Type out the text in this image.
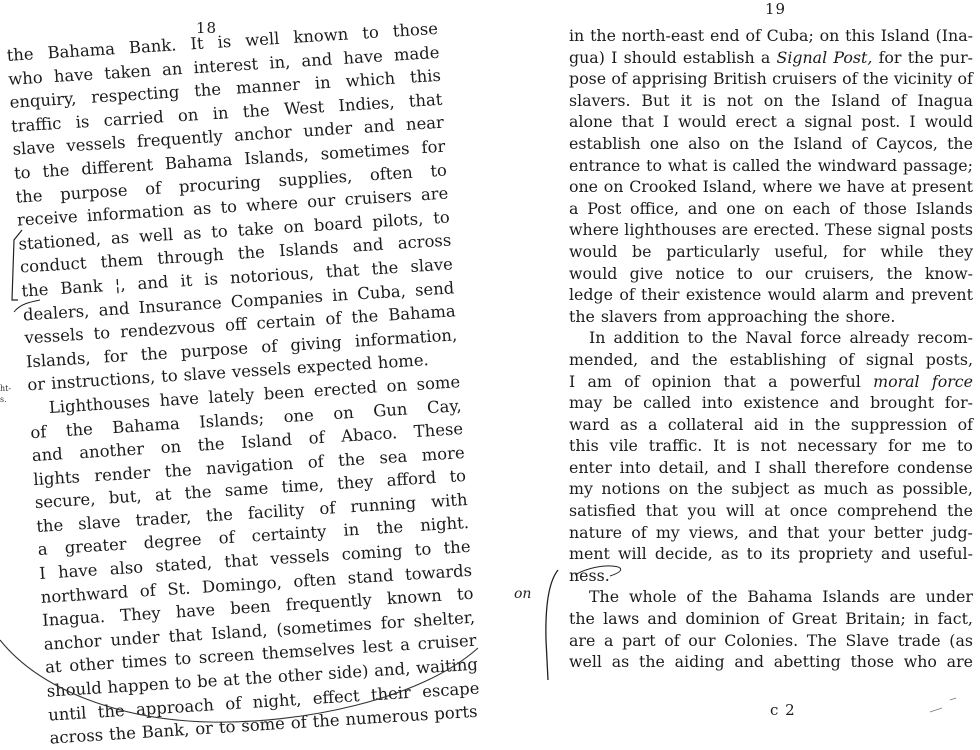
18
ht-
s.
the Bahama Bank. It is well known to those
who have taken an interest in, and have made
enquiry, respecting the manner in which this
traffic is carried on in the West Indies, that
slave vessels frequently anchor under and near
to the different Bahama Islands, sometimes for
the purpose of procuring supplies, often to
receive information as to where our cruisers are
stationed, as well as to take on board pilots, to
conduct them through the Islands and across
the Bank ¦, and it is notorious, that the slave
dealers, and Insurance Companies in Cuba, send
vessels to rendezvous off certain of the Bahama
Islands, for the purpose of giving information,
or instructions, to slave vessels expected home.
Lighthouses have lately been erected on some
of the Bahama Islands; one on Gun Cay,
and another on the Island of Abaco. These
lights render the navigation of the sea more
secure, but, at the same time, they afford to
the slave trader, the facility of running with
a greater degree of certainty in the night.
I have also stated, that vessels coming to the
northward of St. Domingo, often stand towards
Inagua. They have been frequently known to
anchor under that Island, (sometimes for shelter,
at other times to screen themselves lest a cruiser
should happen to be at the other side) and, waiting
until the approach of night, effect their escape
across the Bank, or to some of the numerous ports
19
in the north-east end of Cuba; on this Island (Ina-
gua) I should establish a Signal Post, for the pur-
pose of apprising British cruisers of the vicinity of
slavers. But it is not on the Island of Inagua
alone that I would erect a signal post. I would
establish one also on the Island of Caycos, the
entrance to what is called the windward passage;
one on Crooked Island, where we have at present
a Post office, and one on each of those Islands
where lighthouses are erected. These signal posts
would be particularly useful, for while they
would give notice to our cruisers, the know-
ledge of their existence would alarm and prevent
the slavers from approaching the shore.
In addition to the Naval force already recom-
mended, and the establishing of signal posts,
I am of opinion that a powerful moral force
may be called into existence and brought for-
ward as a collateral aid in the suppression of
this vile traffic. It is not necessary for me to
enter into detail, and I shall therefore condense
my notions on the subject as much as possible,
satisfied that you will at once comprehend the
nature of my views, and that your better judg-
ment will decide, as to its propriety and useful-
ness.
The whole of the Bahama Islands are under
the laws and dominion of Great Britain; in fact,
are a part of our Colonies. The Slave trade (as
well as the aiding and abetting those who are
c 2
on
